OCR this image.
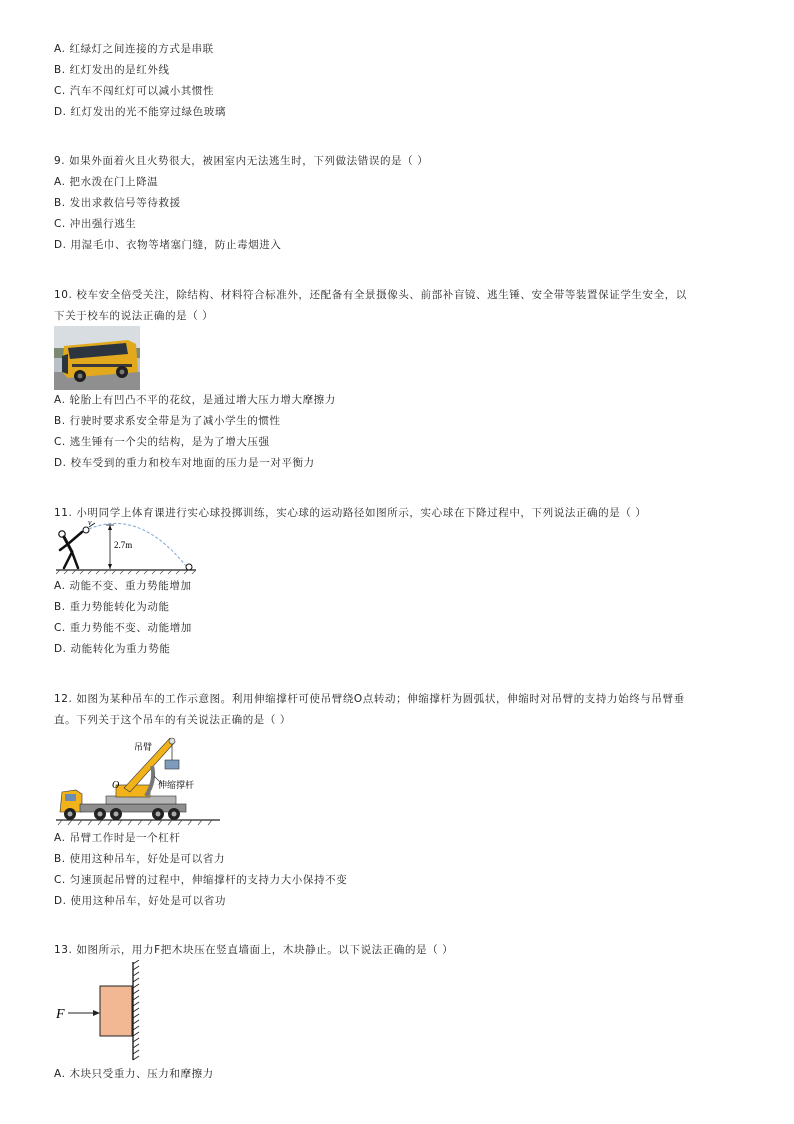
A. 红绿灯之间连接的方式是串联
B. 红灯发出的是红外线
C. 汽车不闯红灯可以减小其惯性
D. 红灯发出的光不能穿过绿色玻璃
9. 如果外面着火且火势很大，被困室内无法逃生时，下列做法错误的是（ ）
A. 把水泼在门上降温
B. 发出求救信号等待救援
C. 冲出强行逃生
D. 用湿毛巾、衣物等堵塞门缝，防止毒烟进入
10. 校车安全倍受关注，除结构、材料符合标准外，还配备有全景摄像头、前部补盲镜、逃生锤、安全带等装置保证学生安全，以
下关于校车的说法正确的是（ ）
A. 轮胎上有凹凸不平的花纹，是通过增大压力增大摩擦力
B. 行驶时要求系安全带是为了减小学生的惯性
C. 逃生锤有一个尖的结构，是为了增大压强
D. 校车受到的重力和校车对地面的压力是一对平衡力
11. 小明同学上体育课进行实心球投掷训练，实心球的运动路径如图所示，实心球在下降过程中，下列说法正确的是（ ）
v
2.7m
A. 动能不变、重力势能增加
B. 重力势能转化为动能
C. 重力势能不变、动能增加
D. 动能转化为重力势能
12. 如图为某种吊车的工作示意图。利用伸缩撑杆可使吊臂绕O点转动；伸缩撑杆为圆弧状，伸缩时对吊臂的支持力始终与吊臂垂
直。下列关于这个吊车的有关说法正确的是（ ）
吊臂
O	伸缩撑杆
A. 吊臂工作时是一个杠杆
B. 使用这种吊车，好处是可以省力
C. 匀速顶起吊臂的过程中，伸缩撑杆的支持力大小保持不变
D. 使用这种吊车，好处是可以省功
13. 如图所示，用力F把木块压在竖直墙面上，木块静止。以下说法正确的是（ ）
F
A. 木块只受重力、压力和摩擦力
